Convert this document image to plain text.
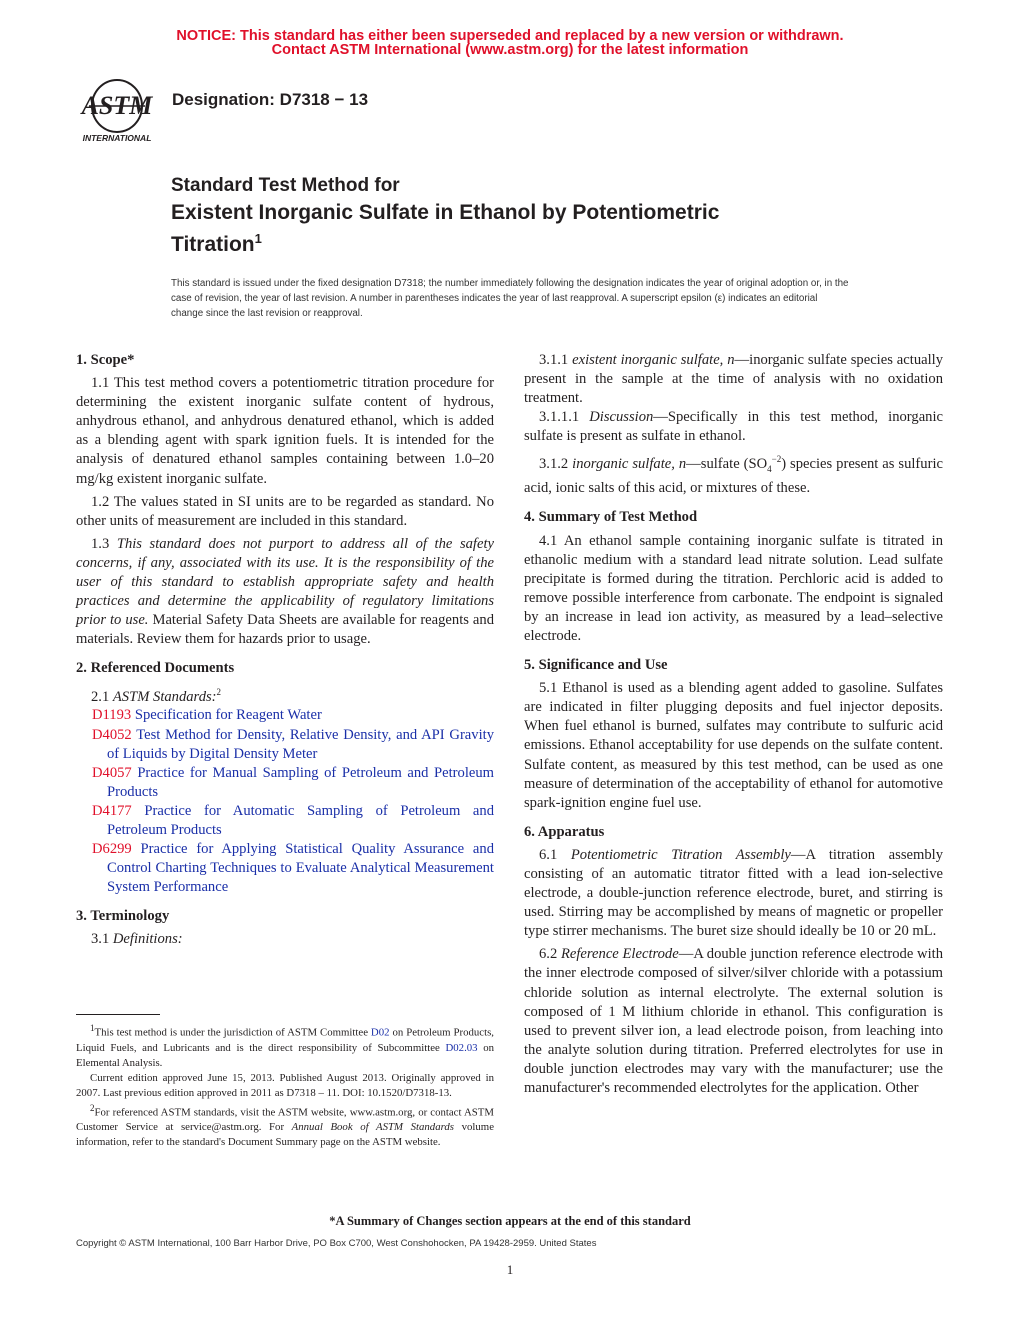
NOTICE: This standard has either been superseded and replaced by a new version or withdrawn.
Contact ASTM International (www.astm.org) for the latest information
ASTM
INTERNATIONAL
Designation: D7318 − 13
Standard Test Method for
Existent Inorganic Sulfate in Ethanol by Potentiometric
Titration$^1$
This standard is issued under the fixed designation D7318; the number immediately following the designation indicates the year of original adoption or, in the case of revision, the year of last revision. A number in parentheses indicates the year of last reapproval. A superscript epsilon (ε) indicates an editorial change since the last revision or reapproval.

1. Scope*

1.1 This test method covers a potentiometric titration procedure for determining the existent inorganic sulfate content of hydrous, anhydrous ethanol, and anhydrous denatured ethanol, which is added as a blending agent with spark ignition fuels. It is intended for the analysis of denatured ethanol samples containing between 1.0–20 mg/kg existent inorganic sulfate.

1.2 The values stated in SI units are to be regarded as standard. No other units of measurement are included in this standard.

1.3 This standard does not purport to address all of the safety concerns, if any, associated with its use. It is the responsibility of the user of this standard to establish appropriate safety and health practices and determine the applicability of regulatory limitations prior to use. Material Safety Data Sheets are available for reagents and materials. Review them for hazards prior to usage.

2. Referenced Documents

2.1 ASTM Standards:$^2$

D1193 Specification for Reagent Water

D4052 Test Method for Density, Relative Density, and API Gravity of Liquids by Digital Density Meter

D4057 Practice for Manual Sampling of Petroleum and Petroleum Products

D4177 Practice for Automatic Sampling of Petroleum and Petroleum Products

D6299 Practice for Applying Statistical Quality Assurance and Control Charting Techniques to Evaluate Analytical Measurement System Performance

3. Terminology

3.1 Definitions:

$^1$This test method is under the jurisdiction of ASTM Committee D02 on Petroleum Products, Liquid Fuels, and Lubricants and is the direct responsibility of Subcommittee D02.03 on Elemental Analysis.

Current edition approved June 15, 2013. Published August 2013. Originally approved in 2007. Last previous edition approved in 2011 as D7318 – 11. DOI: 10.1520/D7318-13.

$^2$For referenced ASTM standards, visit the ASTM website, www.astm.org, or contact ASTM Customer Service at service@astm.org. For Annual Book of ASTM Standards volume information, refer to the standard's Document Summary page on the ASTM website.

3.1.1 existent inorganic sulfate, n—inorganic sulfate species actually present in the sample at the time of analysis with no oxidation treatment.

3.1.1.1 Discussion—Specifically in this test method, inorganic sulfate is present as sulfate in ethanol.

3.1.2 inorganic sulfate, n—sulfate $(SO_4^{-2})$ species present as sulfuric acid, ionic salts of this acid, or mixtures of these.

4. Summary of Test Method

4.1 An ethanol sample containing inorganic sulfate is titrated in ethanolic medium with a standard lead nitrate solution. Lead sulfate precipitate is formed during the titration. Perchloric acid is added to remove possible interference from carbonate. The endpoint is signaled by an increase in lead ion activity, as measured by a lead–selective electrode.

5. Significance and Use

5.1 Ethanol is used as a blending agent added to gasoline. Sulfates are indicated in filter plugging deposits and fuel injector deposits. When fuel ethanol is burned, sulfates may contribute to sulfuric acid emissions. Ethanol acceptability for use depends on the sulfate content. Sulfate content, as measured by this test method, can be used as one measure of determination of the acceptability of ethanol for automotive spark-ignition engine fuel use.

6. Apparatus

6.1 Potentiometric Titration Assembly—A titration assembly consisting of an automatic titrator fitted with a lead ion-selective electrode, a double-junction reference electrode, buret, and stirring is used. Stirring may be accomplished by means of magnetic or propeller type stirrer mechanisms. The buret size should ideally be 10 or 20 mL.

6.2 Reference Electrode—A double junction reference electrode with the inner electrode composed of silver/silver chloride with a potassium chloride solution as internal electrolyte. The external solution is composed of 1 M lithium chloride in ethanol. This configuration is used to prevent silver ion, a lead electrode poison, from leaching into the analyte solution during titration. Preferred electrolytes for use in double junction electrodes may vary with the manufacturer; use the manufacturer's recommended electrolytes for the application. Other

*A Summary of Changes section appears at the end of this standard
Copyright © ASTM International, 100 Barr Harbor Drive, PO Box C700, West Conshohocken, PA 19428-2959. United States
1
